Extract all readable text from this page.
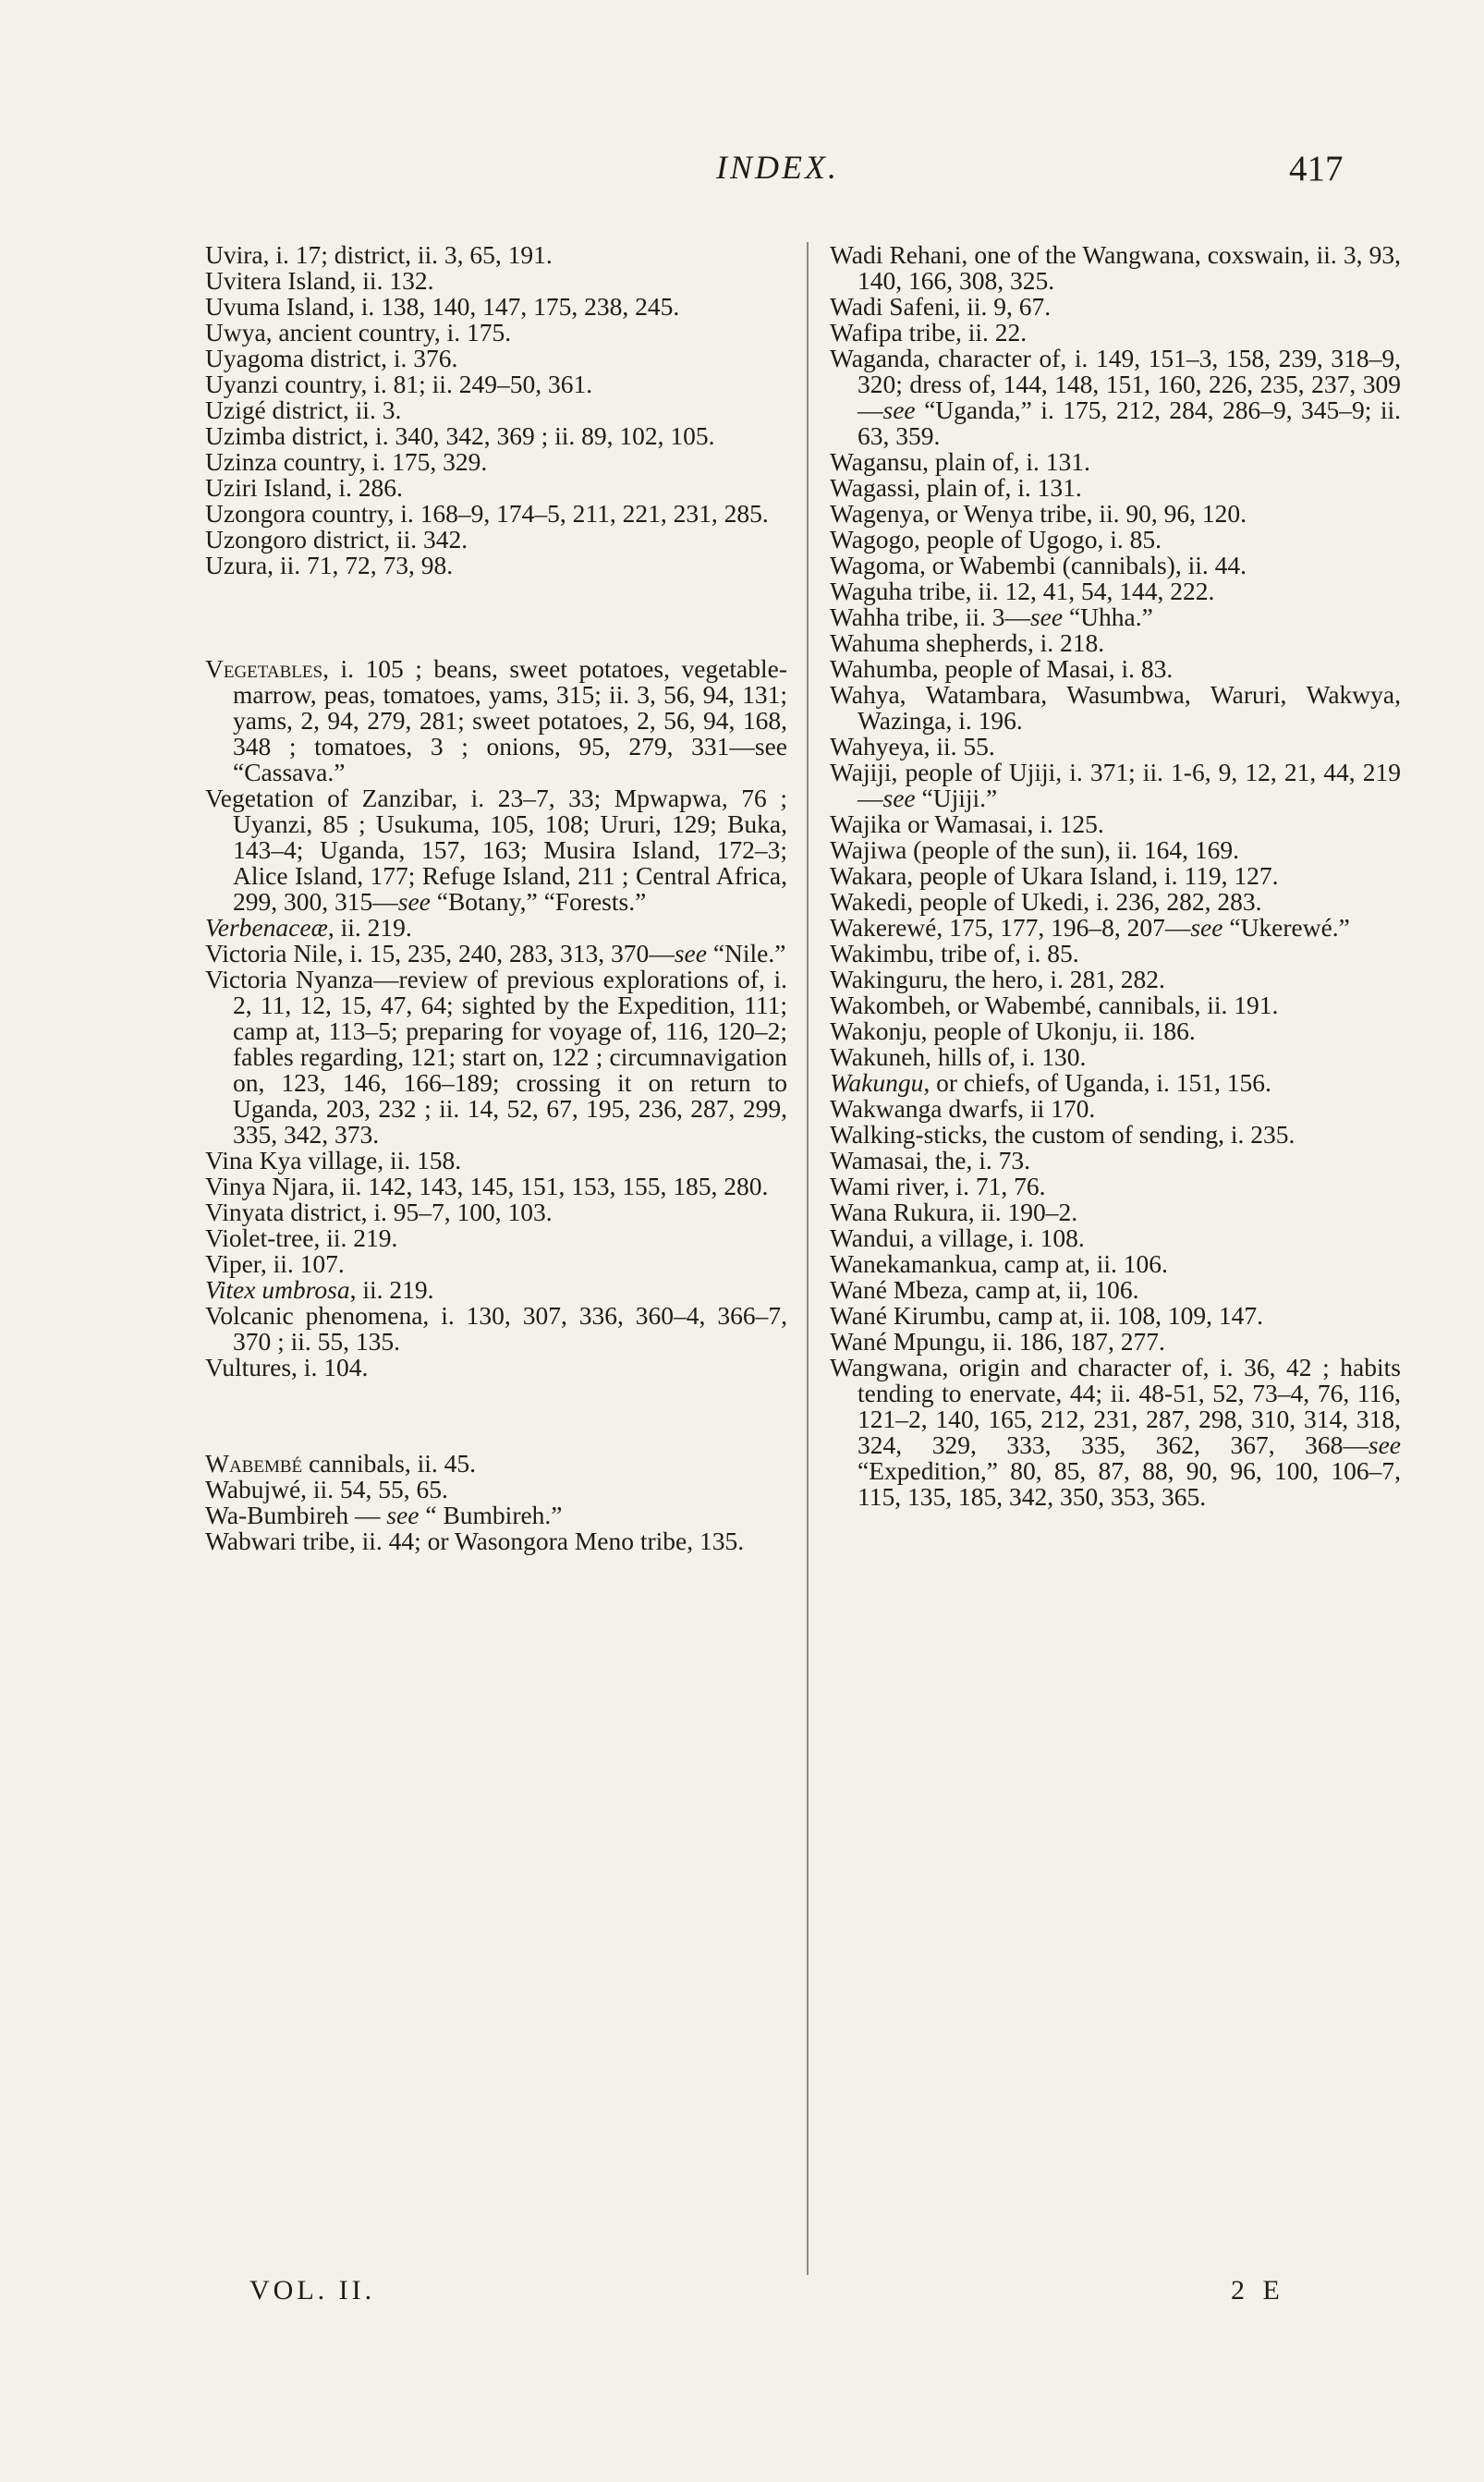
INDEX.	417

Uvira, i. 17; district, ii. 3, 65, 191.

Uvitera Island, ii. 132.

Uvuma Island, i. 138, 140, 147, 175, 238, 245.

Uwya, ancient country, i. 175.

Uyagoma district, i. 376.

Uyanzi country, i. 81; ii. 249–50, 361.

Uzigé district, ii. 3.

Uzimba district, i. 340, 342, 369 ; ii. 89, 102, 105.

Uzinza country, i. 175, 329.

Uziri Island, i. 286.

Uzongora country, i. 168–9, 174–5, 211, 221, 231, 285.

Uzongoro district, ii. 342.

Uzura, ii. 71, 72, 73, 98.

Vegetables, i. 105 ; beans, sweet potatoes, vegetable-marrow, peas, tomatoes, yams, 315; ii. 3, 56, 94, 131; yams, 2, 94, 279, 281; sweet potatoes, 2, 56, 94, 168, 348 ; tomatoes, 3 ; onions, 95, 279, 331—see “Cassava.”

Vegetation of Zanzibar, i. 23–7, 33; Mpwapwa, 76 ; Uyanzi, 85 ; Usukuma, 105, 108; Ururi, 129; Buka, 143–4; Uganda, 157, 163; Musira Island, 172–3; Alice Island, 177; Refuge Island, 211 ; Central Africa, 299, 300, 315—see “Botany,” “Forests.”

Verbenaceæ, ii. 219.

Victoria Nile, i. 15, 235, 240, 283, 313, 370—see “Nile.”

Victoria Nyanza—review of previous explorations of, i. 2, 11, 12, 15, 47, 64; sighted by the Expedition, 111; camp at, 113–5; preparing for voyage of, 116, 120–2; fables regarding, 121; start on, 122 ; circumnavigation on, 123, 146, 166–189; crossing it on return to Uganda, 203, 232 ; ii. 14, 52, 67, 195, 236, 287, 299, 335, 342, 373.

Vina Kya village, ii. 158.

Vinya Njara, ii. 142, 143, 145, 151, 153, 155, 185, 280.

Vinyata district, i. 95–7, 100, 103.

Violet-tree, ii. 219.

Viper, ii. 107.

Vitex umbrosa, ii. 219.

Volcanic phenomena, i. 130, 307, 336, 360–4, 366–7, 370 ; ii. 55, 135.

Vultures, i. 104.

Wabembé cannibals, ii. 45.

Wabujwé, ii. 54, 55, 65.

Wa-Bumbireh — see “ Bumbireh.”

Wabwari tribe, ii. 44; or Wasongora Meno tribe, 135.

Wadi Rehani, one of the Wangwana, coxswain, ii. 3, 93, 140, 166, 308, 325.

Wadi Safeni, ii. 9, 67.

Wafipa tribe, ii. 22.

Waganda, character of, i. 149, 151–3, 158, 239, 318–9, 320; dress of, 144, 148, 151, 160, 226, 235, 237, 309—see “Uganda,” i. 175, 212, 284, 286–9, 345–9; ii. 63, 359.

Wagansu, plain of, i. 131.

Wagassi, plain of, i. 131.

Wagenya, or Wenya tribe, ii. 90, 96, 120.

Wagogo, people of Ugogo, i. 85.

Wagoma, or Wabembi (cannibals), ii. 44.

Waguha tribe, ii. 12, 41, 54, 144, 222.

Wahha tribe, ii. 3—see “Uhha.”

Wahuma shepherds, i. 218.

Wahumba, people of Masai, i. 83.

Wahya, Watambara, Wasumbwa, Waruri, Wakwya, Wazinga, i. 196.

Wahyeya, ii. 55.

Wajiji, people of Ujiji, i. 371; ii. 1-6, 9, 12, 21, 44, 219—see “Ujiji.”

Wajika or Wamasai, i. 125.

Wajiwa (people of the sun), ii. 164, 169.

Wakara, people of Ukara Island, i. 119, 127.

Wakedi, people of Ukedi, i. 236, 282, 283.

Wakerewé, 175, 177, 196–8, 207—see “Ukerewé.”

Wakimbu, tribe of, i. 85.

Wakinguru, the hero, i. 281, 282.

Wakombeh, or Wabembé, cannibals, ii. 191.

Wakonju, people of Ukonju, ii. 186.

Wakuneh, hills of, i. 130.

Wakungu, or chiefs, of Uganda, i. 151, 156.

Wakwanga dwarfs, ii 170.

Walking-sticks, the custom of sending, i. 235.

Wamasai, the, i. 73.

Wami river, i. 71, 76.

Wana Rukura, ii. 190–2.

Wandui, a village, i. 108.

Wanekamankua, camp at, ii. 106.

Wané Mbeza, camp at, ii, 106.

Wané Kirumbu, camp at, ii. 108, 109, 147.

Wané Mpungu, ii. 186, 187, 277.

Wangwana, origin and character of, i. 36, 42 ; habits tending to enervate, 44; ii. 48-51, 52, 73–4, 76, 116, 121–2, 140, 165, 212, 231, 287, 298, 310, 314, 318, 324, 329, 333, 335, 362, 367, 368—see “Expedition,” 80, 85, 87, 88, 90, 96, 100, 106–7, 115, 135, 185, 342, 350, 353, 365.

VOL. II.	2 E
